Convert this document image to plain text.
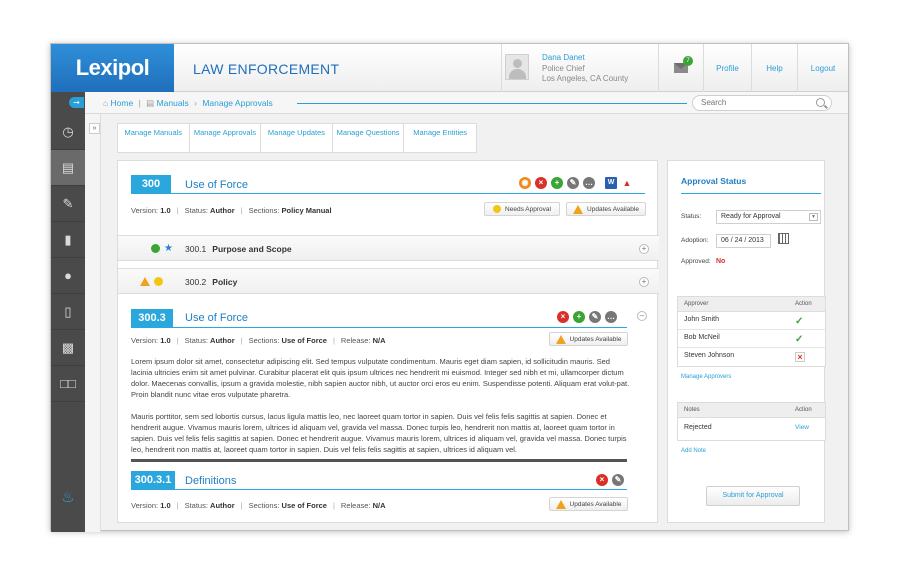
Lexipol	LAW ENFORCEMENT
Dana Danet
Police Chief
Los Angeles, CA County
7
Profile	Help	Logout
➞
◷
▤
✎
▮
●
▯
▩
□□
♨
⌂ Home | ▤ Manuals › Manage Approvals
Search
»	Manage Manuals	Manage Approvals	Manage Updates	Manage Questions	Manage Entities
300	Use of Force	◉	×	+	✎	…	W ▲
Version: 1.0 | Status: Author | Sections: Policy Manual	Needs Approval	Updates Available
★ 300.1 Purpose and Scope	+
300.2 Policy	+
300.3	Use of Force	–
×	+	✎	…
Version: 1.0 | Status: Author | Sections: Use of Force | Release: N/A	Updates Available
Lorem ipsum dolor sit amet, consectetur adipiscing elit. Sed tempus vulputate condimentum. Mauris eget diam sapien, id sollicitudin mauris. Sed lacinia ultricies enim sit amet pulvinar. Curabitur placerat elit quis ipsum ultrices nec hendrerit mi euismod. Integer sed nibh et mi, ullamcorper dictum dolor. Maecenas convallis, ipsum a gravida molestie, nibh sapien auctor nibh, ut auctor orci eros eu enim. Suspendisse potenti. Aliquam erat volut-pat. Proin blandit nunc vitae eros vulputate pharetra.
Mauris porttitor, sem sed lobortis cursus, lacus ligula mattis leo, nec laoreet quam tortor in sapien. Duis vel felis felis sagittis at sapien. Donec et hendrerit augue. Vivamus mauris lorem, ultrices id aliquam vel, gravida vel massa. Donec turpis leo, hendrerit non mattis at, laoreet quam tortor in sapien. Duis vel felis felis sagittis at sapien. Donec et hendrerit augue. Vivamus mauris lorem, ultrices id aliquam vel, gravida vel massa. Donec turpis leo, hendrerit non mattis at, laoreet quam tortor in sapien. Duis vel felis felis sagittis at sapien, ultrices id aliquam vel.
300.3.1	Definitions	×	✎
Version: 1.0 | Status: Author | Sections: Use of Force | Release: N/A	Updates Available
Approval Status
Status:	Ready for Approval	▼
Adoption:	06 / 24 / 2013
Approved: No
Approver	Action
John Smith	✓
Bob McNeil	✓
Steven Johnson	×
Manage Approvers
Notes	Action
Rejected	View
Add Note
Submit for Approval
